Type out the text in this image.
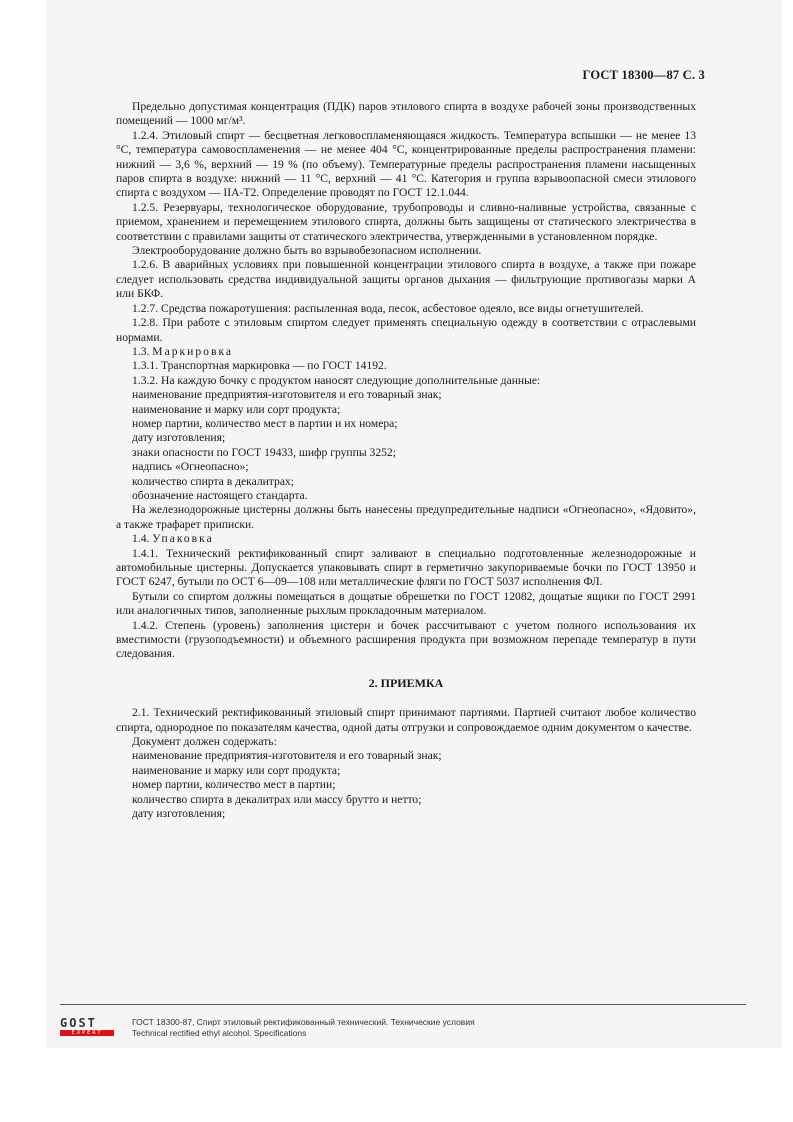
ГОСТ 18300—87 С. 3
Предельно допустимая концентрация (ПДК) паров этилового спирта в воздухе рабочей зоны производственных помещений — 1000 мг/м³.
1.2.4. Этиловый спирт — бесцветная легковоспламеняющаяся жидкость. Температура вспышки — не менее 13 °С, температура самовоспламенения — не менее 404 °С, концентрированные пределы распространения пламени: нижний — 3,6 %, верхний — 19 % (по объему). Температурные пределы распространения пламени насыщенных паров спирта в воздухе: нижний — 11 °С, верхний — 41 °С. Категория и группа взрывоопасной смеси этилового спирта с воздухом — IIA-T2. Определение проводят по ГОСТ 12.1.044.
1.2.5. Резервуары, технологическое оборудование, трубопроводы и сливно-наливные устройства, связанные с приемом, хранением и перемещением этилового спирта, должны быть защищены от статического электричества в соответствии с правилами защиты от статического электричества, утвержденными в установленном порядке.
Электрооборудование должно быть во взрывобезопасном исполнении.
1.2.6. В аварийных условиях при повышенной концентрации этилового спирта в воздухе, а также при пожаре следует использовать средства индивидуальной защиты органов дыхания — фильтрующие противогазы марки А или БКФ.
1.2.7. Средства пожаротушения: распыленная вода, песок, асбестовое одеяло, все виды огнетушителей.
1.2.8. При работе с этиловым спиртом следует применять специальную одежду в соответствии с отраслевыми нормами.
1.3. Маркировка
1.3.1. Транспортная маркировка — по ГОСТ 14192.
1.3.2. На каждую бочку с продуктом наносят следующие дополнительные данные:
наименование предприятия-изготовителя и его товарный знак;
наименование и марку или сорт продукта;
номер партии, количество мест в партии и их номера;
дату изготовления;
знаки опасности по ГОСТ 19433, шифр группы 3252;
надпись «Огнеопасно»;
количество спирта в декалитрах;
обозначение настоящего стандарта.
На железнодорожные цистерны должны быть нанесены предупредительные надписи «Огнеопасно», «Ядовито», а также трафарет приписки.
1.4. Упаковка
1.4.1. Технический ректификованный спирт заливают в специально подготовленные железнодорожные и автомобильные цистерны. Допускается упаковывать спирт в герметично закупориваемые бочки по ГОСТ 13950 и ГОСТ 6247, бутыли по ОСТ 6—09—108 или металлические фляги по ГОСТ 5037 исполнения ФЛ.
Бутыли со спиртом должны помещаться в дощатые обрешетки по ГОСТ 12082, дощатые ящики по ГОСТ 2991 или аналогичных типов, заполненные рыхлым прокладочным материалом.
1.4.2. Степень (уровень) заполнения цистерн и бочек рассчитывают с учетом полного использования их вместимости (грузоподъемности) и объемного расширения продукта при возможном перепаде температур в пути следования.
2. ПРИЕМКА
2.1. Технический ректификованный этиловый спирт принимают партиями. Партией считают любое количество спирта, однородное по показателям качества, одной даты отгрузки и сопровождаемое одним документом о качестве.
Документ должен содержать:
наименование предприятия-изготовителя и его товарный знак;
наименование и марку или сорт продукта;
номер партии, количество мест в партии;
количество спирта в декалитрах или массу брутто и нетто;
дату изготовления;
GOST
EXPERT
ГОСТ 18300-87, Спирт этиловый ректификованный технический. Технические условия
Technical rectified ethyl alcohol. Specifications
